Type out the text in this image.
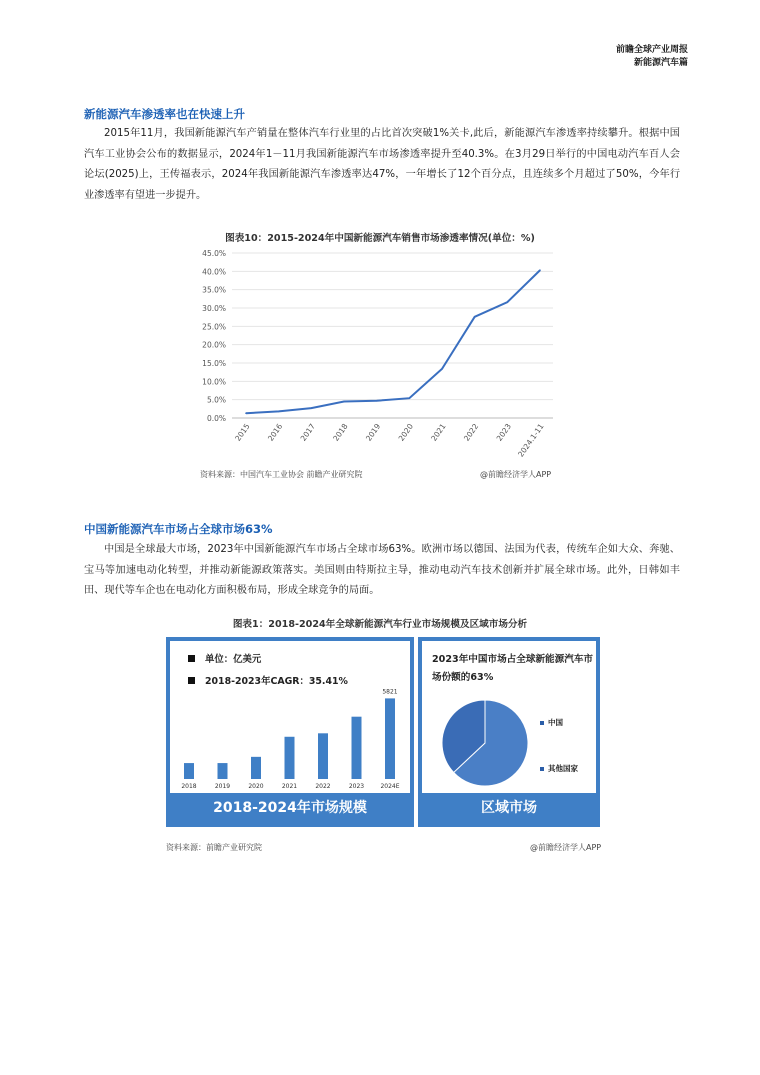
前瞻全球产业周报
新能源汽车篇
新能源汽车渗透率也在快速上升
2015年11月，我国新能源汽车产销量在整体汽车行业里的占比首次突破1%关卡,此后，新能源汽车渗透率持续攀升。根据中国汽车工业协会公布的数据显示，2024年1－11月我国新能源汽车市场渗透率提升至40.3%。在3月29日举行的中国电动汽车百人会论坛(2025)上，王传福表示，2024年我国新能源汽车渗透率达47%，一年增长了12个百分点，且连续多个月超过了50%，今年行业渗透率有望进一步提升。
图表10：2015-2024年中国新能源汽车销售市场渗透率情况(单位：%)
0.0%
5.0%
10.0%
15.0%
20.0%
25.0%
30.0%
35.0%
40.0%
45.0%
2015 2016 2017 2018 2019 2020 2021 2022 2023 2024.1-11
资料来源：中国汽车工业协会 前瞻产业研究院	@前瞻经济学人APP
中国新能源汽车市场占全球市场63%
中国是全球最大市场，2023年中国新能源汽车市场占全球市场63%。欧洲市场以德国、法国为代表，传统车企如大众、奔驰、宝马等加速电动化转型，并推动新能源政策落实。美国则由特斯拉主导，推动电动汽车技术创新并扩展全球市场。此外，日韩如丰田、现代等车企也在电动化方面积极布局，形成全球竞争的局面。
图表1：2018-2024年全球新能源汽车行业市场规模及区域市场分析
单位：亿美元
2018-2023年CAGR：35.41%
2018	2019	2020	2021	2022	2023	2024E
5821
2018-2024年市场规模
2023年中国市场占全球新能源汽车市场份额的63%
中国
其他国家
区域市场
资料来源：前瞻产业研究院	@前瞻经济学人APP
